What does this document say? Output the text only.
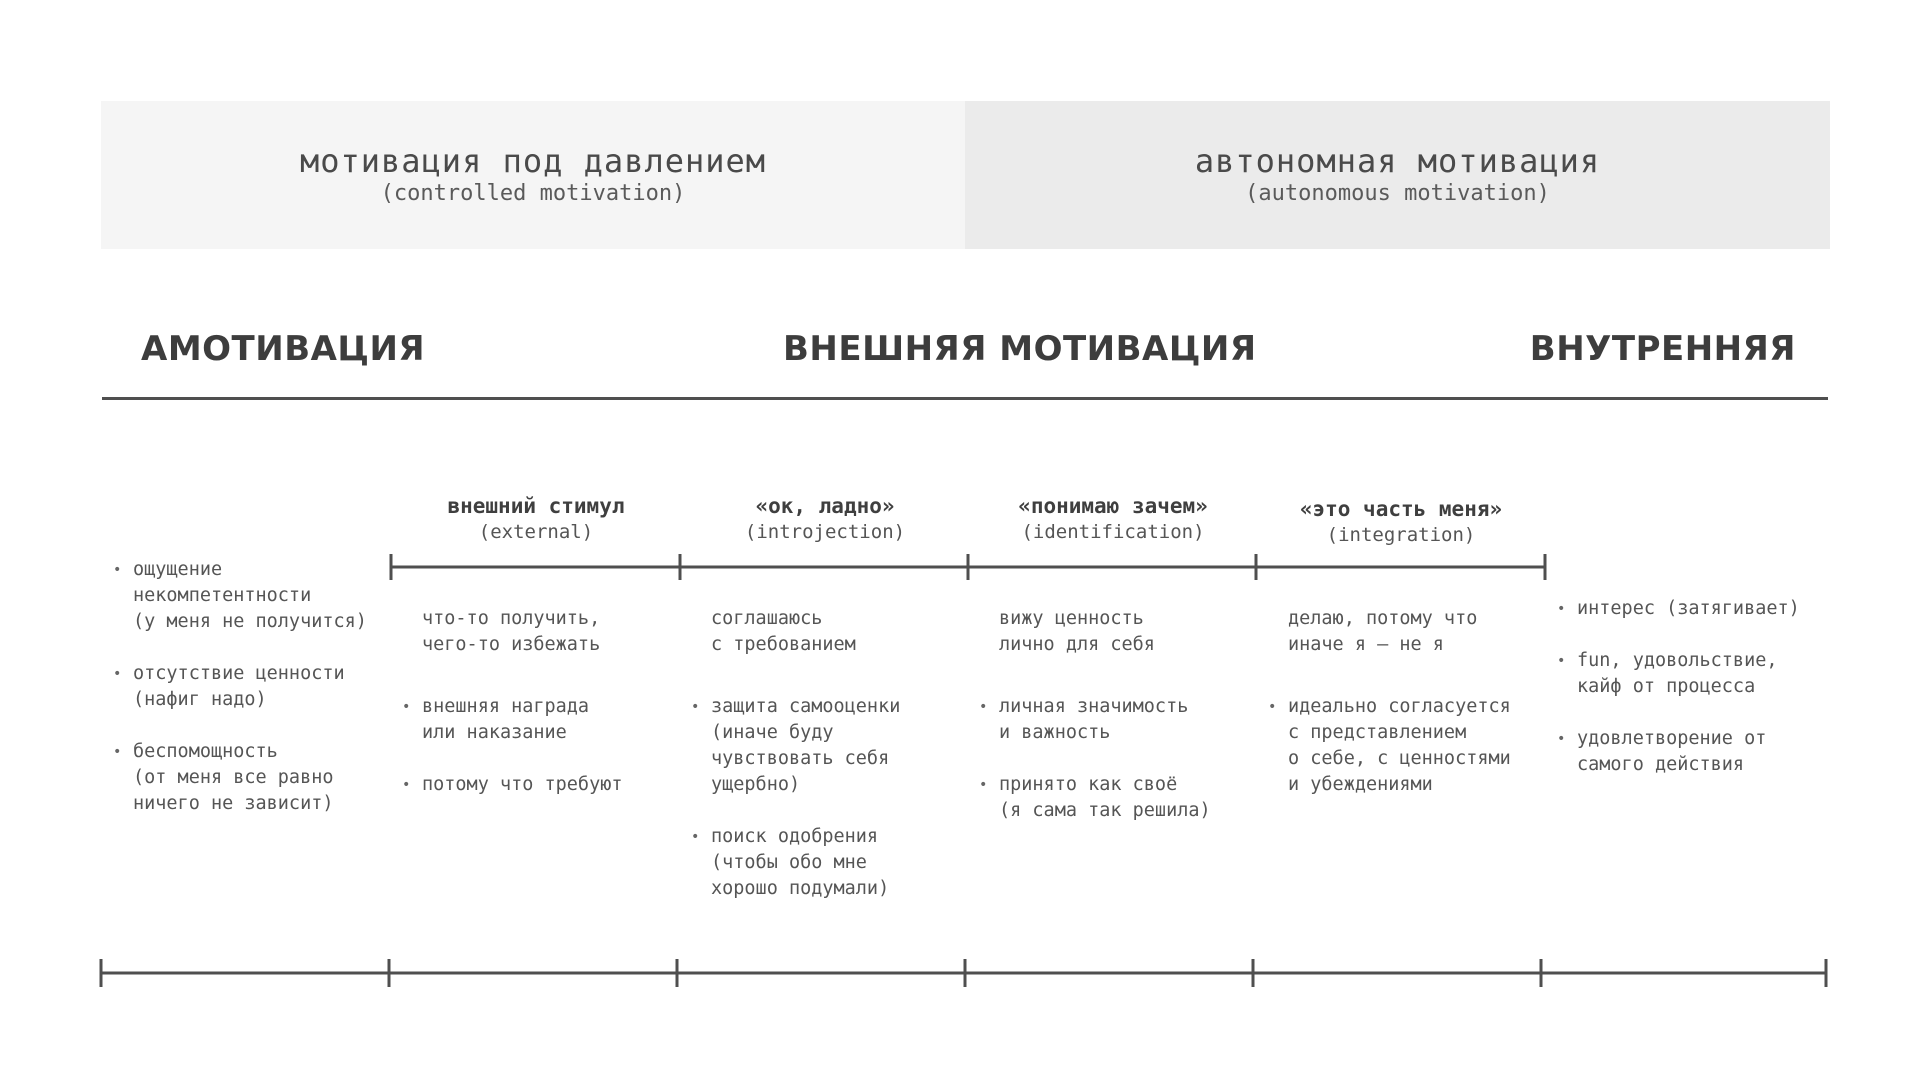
мотивация под давлением
(controlled motivation)
автономная мотивация
(autonomous motivation)
АМОТИВАЦИЯ	ВНЕШНЯЯ МОТИВАЦИЯ	ВНУТРЕННЯЯ
• ощущение
некомпетентности
(у меня не получится)
• отсутствие ценности
(нафиг надо)
• беспомощность
(от меня все равно
ничего не зависит)
внешний стимул
(external)
что-то получить,
чего-то избежать
• внешняя награда
или наказание
• потому что требуют
«ок, ладно»
(introjection)
соглашаюсь
с требованием
• защита самооценки
(иначе буду
чувствовать себя
ущербно)
• поиск одобрения
(чтобы обо мне
хорошо подумали)
«понимаю зачем»
(identification)
вижу ценность
лично для себя
• личная значимость
и важность
• принято как своё
(я сама так решила)
«это часть меня»
(integration)
делаю, потому что
иначе я — не я
• идеально согласуется
с представлением
о себе, с ценностями
и убеждениями
• интерес (затягивает)
• fun, удовольствие,
кайф от процесса
• удовлетворение от
самого действия
